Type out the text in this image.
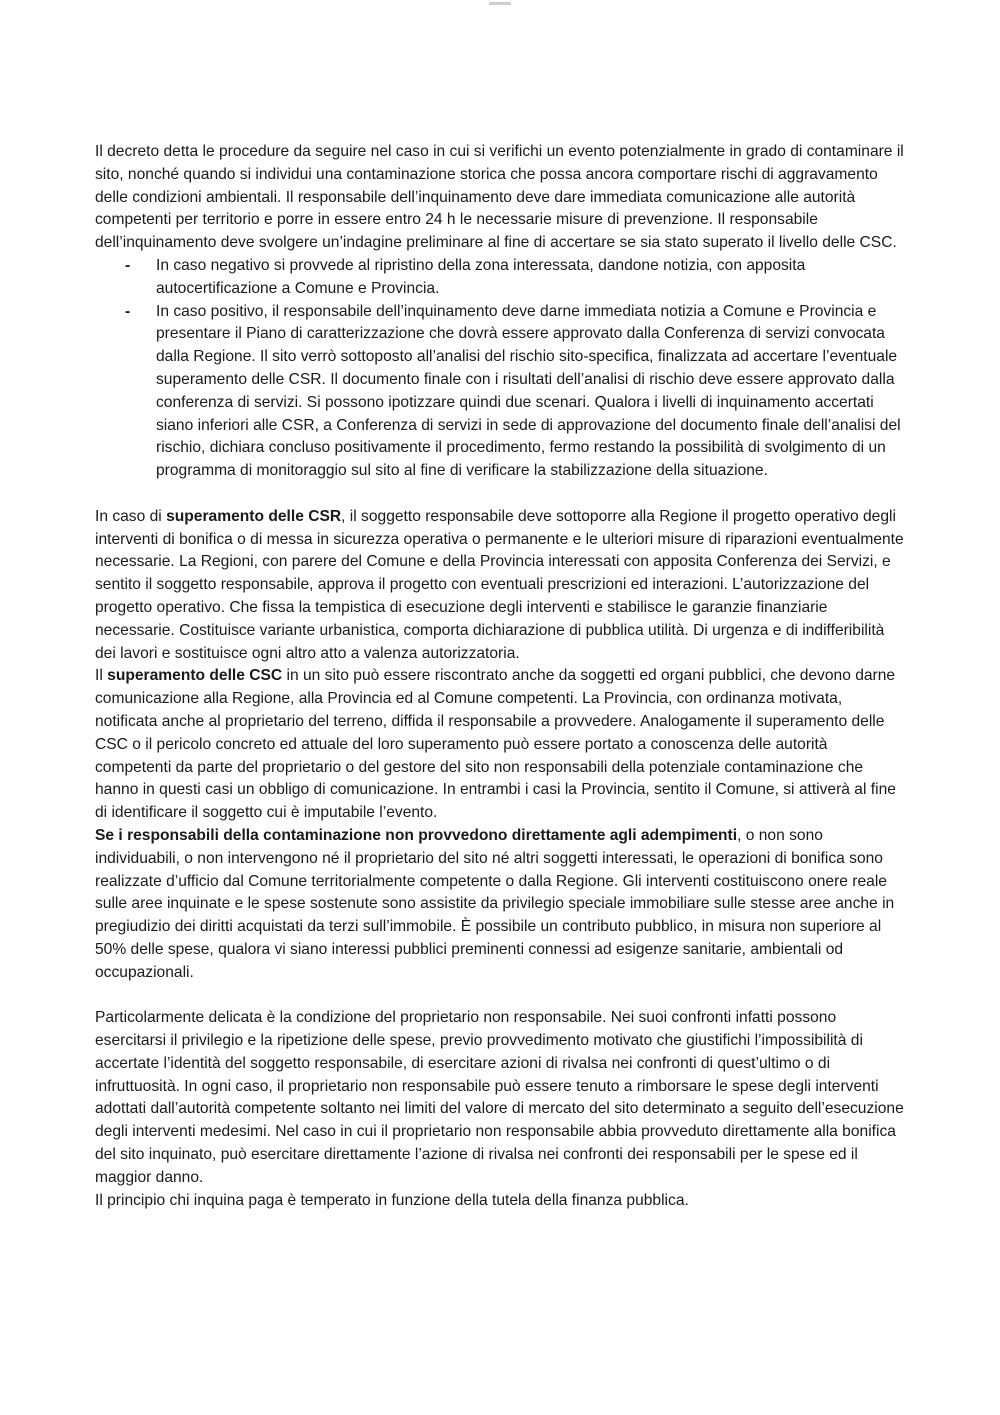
Il decreto detta le procedure da seguire nel caso in cui si verifichi un evento potenzialmente in grado di contaminare il sito, nonché quando si individui una contaminazione storica che possa ancora comportare rischi di aggravamento delle condizioni ambientali. Il responsabile dell’inquinamento deve dare immediata comunicazione alle autorità competenti per territorio e porre in essere entro 24 h le necessarie misure di prevenzione. Il responsabile dell’inquinamento deve svolgere un’indagine preliminare al fine di accertare se sia stato superato il livello delle CSC.

- In caso negativo si provvede al ripristino della zona interessata, dandone notizia, con apposita autocertificazione a Comune e Provincia.
- In caso positivo, il responsabile dell’inquinamento deve darne immediata notizia a Comune e Provincia e presentare il Piano di caratterizzazione che dovrà essere approvato dalla Conferenza di servizi convocata dalla Regione. Il sito verrò sottoposto all’analisi del rischio sito-specifica, finalizzata ad accertare l’eventuale superamento delle CSR. Il documento finale con i risultati dell’analisi di rischio deve essere approvato dalla conferenza di servizi. Si possono ipotizzare quindi due scenari. Qualora i livelli di inquinamento accertati siano inferiori alle CSR, a Conferenza di servizi in sede di approvazione del documento finale dell’analisi del rischio, dichiara concluso positivamente il procedimento, fermo restando la possibilità di svolgimento di un programma di monitoraggio sul sito al fine di verificare la stabilizzazione della situazione.

In caso di superamento delle CSR, il soggetto responsabile deve sottoporre alla Regione il progetto operativo degli interventi di bonifica o di messa in sicurezza operativa o permanente e le ulteriori misure di riparazioni eventualmente necessarie. La Regioni, con parere del Comune e della Provincia interessati con apposita Conferenza dei Servizi, e sentito il soggetto responsabile, approva il progetto con eventuali prescrizioni ed interazioni. L’autorizzazione del progetto operativo. Che fissa la tempistica di esecuzione degli interventi e stabilisce le garanzie finanziarie necessarie. Costituisce variante urbanistica, comporta dichiarazione di pubblica utilità. Di urgenza e di indifferibilità dei lavori e sostituisce ogni altro atto a valenza autorizzatoria.

Il superamento delle CSC in un sito può essere riscontrato anche da soggetti ed organi pubblici, che devono darne comunicazione alla Regione, alla Provincia ed al Comune competenti. La Provincia, con ordinanza motivata, notificata anche al proprietario del terreno, diffida il responsabile a provvedere. Analogamente il superamento delle CSC o il pericolo concreto ed attuale del loro superamento può essere portato a conoscenza delle autorità competenti da parte del proprietario o del gestore del sito non responsabili della potenziale contaminazione che hanno in questi casi un obbligo di comunicazione. In entrambi i casi la Provincia, sentito il Comune, si attiverà al fine di identificare il soggetto cui è imputabile l’evento.

Se i responsabili della contaminazione non provvedono direttamente agli adempimenti, o non sono individuabili, o non intervengono né il proprietario del sito né altri soggetti interessati, le operazioni di bonifica sono realizzate d’ufficio dal Comune territorialmente competente o dalla Regione. Gli interventi costituiscono onere reale sulle aree inquinate e le spese sostenute sono assistite da privilegio speciale immobiliare sulle stesse aree anche in pregiudizio dei diritti acquistati da terzi sull’immobile. È possibile un contributo pubblico, in misura non superiore al 50% delle spese, qualora vi siano interessi pubblici preminenti connessi ad esigenze sanitarie, ambientali od occupazionali.

Particolarmente delicata è la condizione del proprietario non responsabile. Nei suoi confronti infatti possono esercitarsi il privilegio e la ripetizione delle spese, previo provvedimento motivato che giustifichi l’impossibilità di accertate l’identità del soggetto responsabile, di esercitare azioni di rivalsa nei confronti di quest’ultimo o di infruttuosità. In ogni caso, il proprietario non responsabile può essere tenuto a rimborsare le spese degli interventi adottati dall’autorità competente soltanto nei limiti del valore di mercato del sito determinato a seguito dell’esecuzione degli interventi medesimi. Nel caso in cui il proprietario non responsabile abbia provveduto direttamente alla bonifica del sito inquinato, può esercitare direttamente l’azione di rivalsa nei confronti dei responsabili per le spese ed il maggior danno.

Il principio chi inquina paga è temperato in funzione della tutela della finanza pubblica.
